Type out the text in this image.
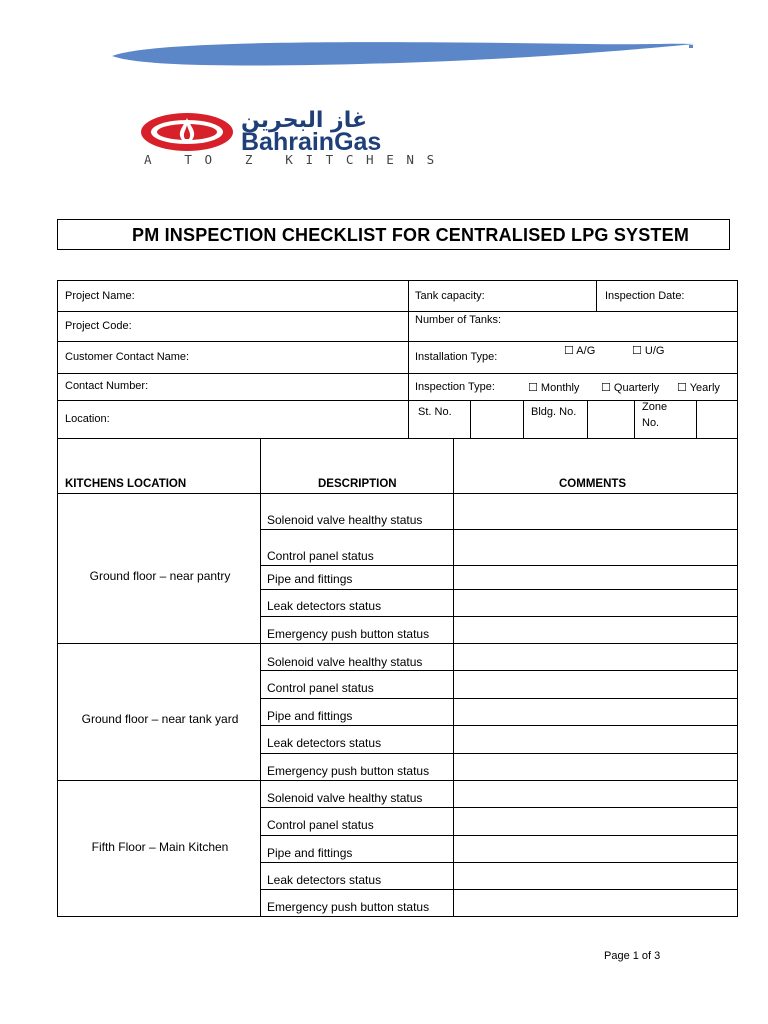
غاز البحرين
BahrainGas
A TO Z KITCHENS
PM INSPECTION CHECKLIST FOR CENTRALISED LPG SYSTEM
Project Name:	Tank capacity:	Inspection Date:
Project Code:	Number of Tanks:
Customer Contact Name:	Installation Type:	☐ A/G	☐ U/G
Contact Number:	Inspection Type:	☐ Monthly ☐ Quarterly ☐ Yearly
Location:
St. No.	Bldg. No.	Zone
No.
KITCHENS LOCATION	DESCRIPTION	COMMENTS
Ground floor – near pantry
Solenoid valve healthy status
Control panel status
Pipe and fittings
Leak detectors status
Emergency push button status
Ground floor – near tank yard
Solenoid valve healthy status
Control panel status
Pipe and fittings
Leak detectors status
Emergency push button status
Fifth Floor – Main Kitchen
Solenoid valve healthy status
Control panel status
Pipe and fittings
Leak detectors status
Emergency push button status
Page 1 of 3
